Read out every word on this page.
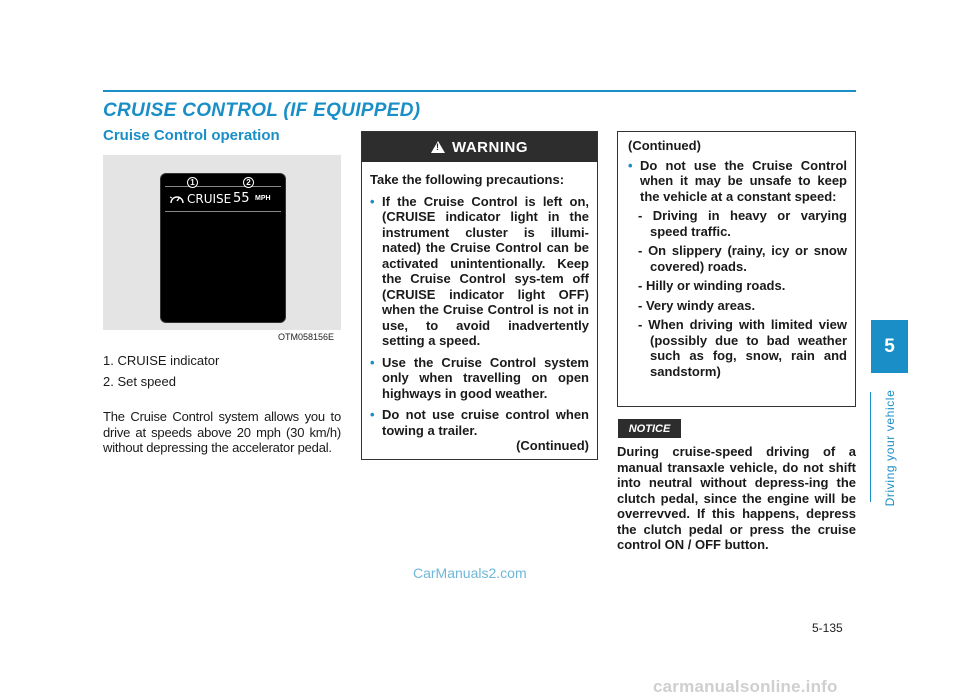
CRUISE CONTROL (IF EQUIPPED)
Cruise Control operation
CRUISE 55 MPH
1	2
OTM058156E
1. CRUISE indicator
2. Set speed
The Cruise Control system allows you to drive at speeds above 20 mph (30 km/h) without depressing the accelerator pedal.
! WARNING
Take the following precautions:
• If the Cruise Control is left on, (CRUISE indicator light in the instrument cluster is illumi-nated) the Cruise Control can be activated unintentionally. Keep the Cruise Control sys-tem off (CRUISE indicator light OFF) when the Cruise Control is not in use, to avoid inadvertently setting a speed.
• Use the Cruise Control system only when travelling on open highways in good weather.
• Do not use cruise control when towing a trailer.
(Continued)
(Continued)
• Do not use the Cruise Control when it may be unsafe to keep the vehicle at a constant speed:
- Driving in heavy or varying speed traffic.
- On slippery (rainy, icy or snow covered) roads.
- Hilly or winding roads.
- Very windy areas.
- When driving with limited view (possibly due to bad weather such as fog, snow, rain and sandstorm)
NOTICE
During cruise-speed driving of a manual transaxle vehicle, do not shift into neutral without depress-ing the clutch pedal, since the engine will be overrevved. If this happens, depress the clutch pedal or press the cruise control ON / OFF button.
5
Driving your vehicle
5-135
CarManuals2.com
carmanualsonline.info
